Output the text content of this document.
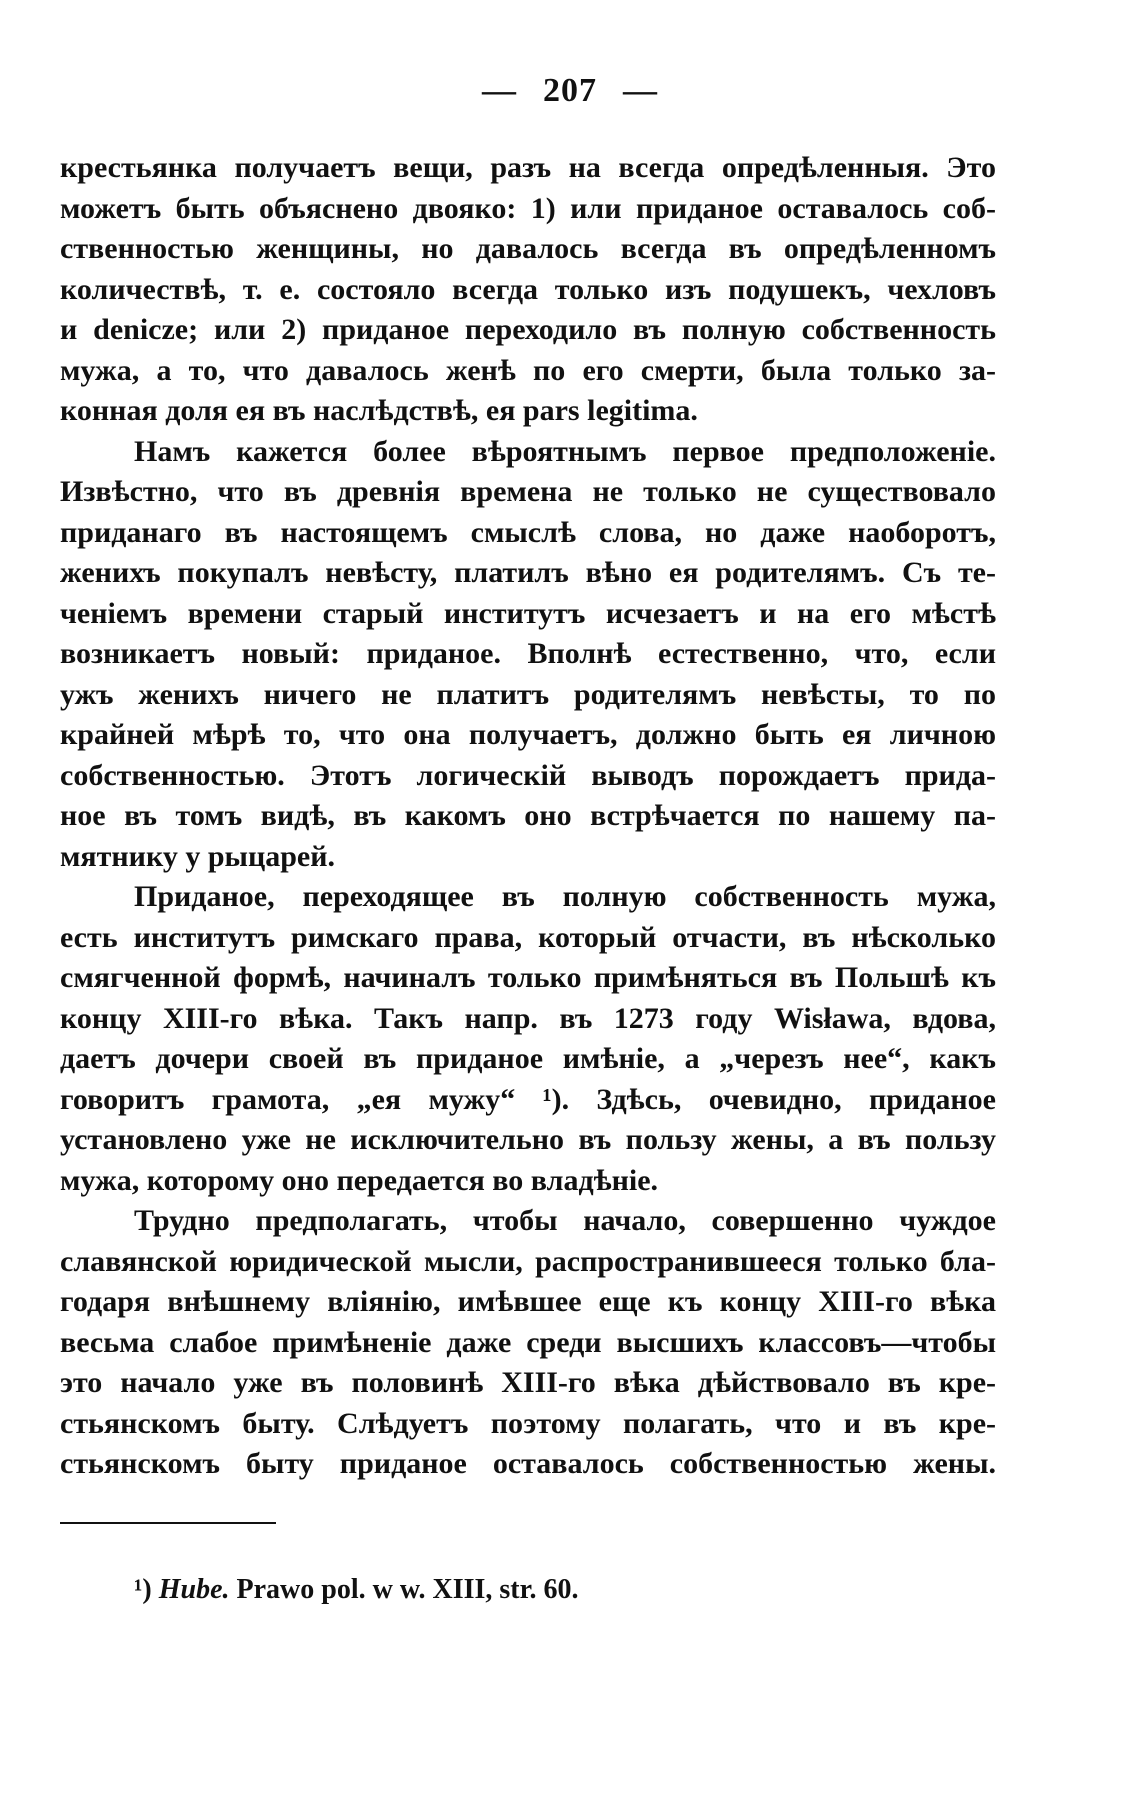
— 207 —
крестьянка получаетъ вещи, разъ на всегда опредѣленныя. Это
можетъ быть объяснено двояко: 1) или приданое оставалось соб-
ственностью женщины, но давалось всегда въ опредѣленномъ
количествѣ, т. е. состояло всегда только изъ подушекъ, чехловъ
и denicze; или 2) приданое переходило въ полную собственность
мужа, а то, что давалось женѣ по его смерти, была только за-
конная доля ея въ наслѣдствѣ, ея pars legitima.
Намъ кажется более вѣроятнымъ первое предположеніе.
Извѣстно, что въ древнія времена не только не существовало
приданаго въ настоящемъ смыслѣ слова, но даже наоборотъ,
женихъ покупалъ невѣсту, платилъ вѣно ея родителямъ. Съ те-
ченіемъ времени старый институтъ исчезаетъ и на его мѣстѣ
возникаетъ новый: приданое. Вполнѣ естественно, что, если
ужъ женихъ ничего не платитъ родителямъ невѣсты, то по
крайней мѣрѣ то, что она получаетъ, должно быть ея личною
собственностью. Этотъ логическій выводъ порождаетъ прида-
ное въ томъ видѣ, въ какомъ оно встрѣчается по нашему па-
мятнику у рыцарей.
Приданое, переходящее въ полную собственность мужа,
есть институтъ римскаго права, который отчасти, въ нѣсколько
смягченной формѣ, начиналъ только примѣняться въ Польшѣ къ
концу XIII-го вѣка. Такъ напр. въ 1273 году Wisława, вдова,
даетъ дочери своей въ приданое имѣніе, а „черезъ нее“, какъ
говоритъ грамота, „ея мужу“ ¹). Здѣсь, очевидно, приданое
установлено уже не исключительно въ пользу жены, а въ пользу
мужа, которому оно передается во владѣніе.
Трудно предполагать, чтобы начало, совершенно чуждое
славянской юридической мысли, распространившееся только бла-
годаря внѣшнему вліянію, имѣвшее еще къ концу XIII-го вѣка
весьма слабое примѣненіе даже среди высшихъ классовъ—чтобы
это начало уже въ половинѣ XIII-го вѣка дѣйствовало въ кре-
стьянскомъ быту. Слѣдуетъ поэтому полагать, что и въ кре-
стьянскомъ быту приданое оставалось собственностью жены.
¹) Hube. Prawo pol. w w. XIII, str. 60.
